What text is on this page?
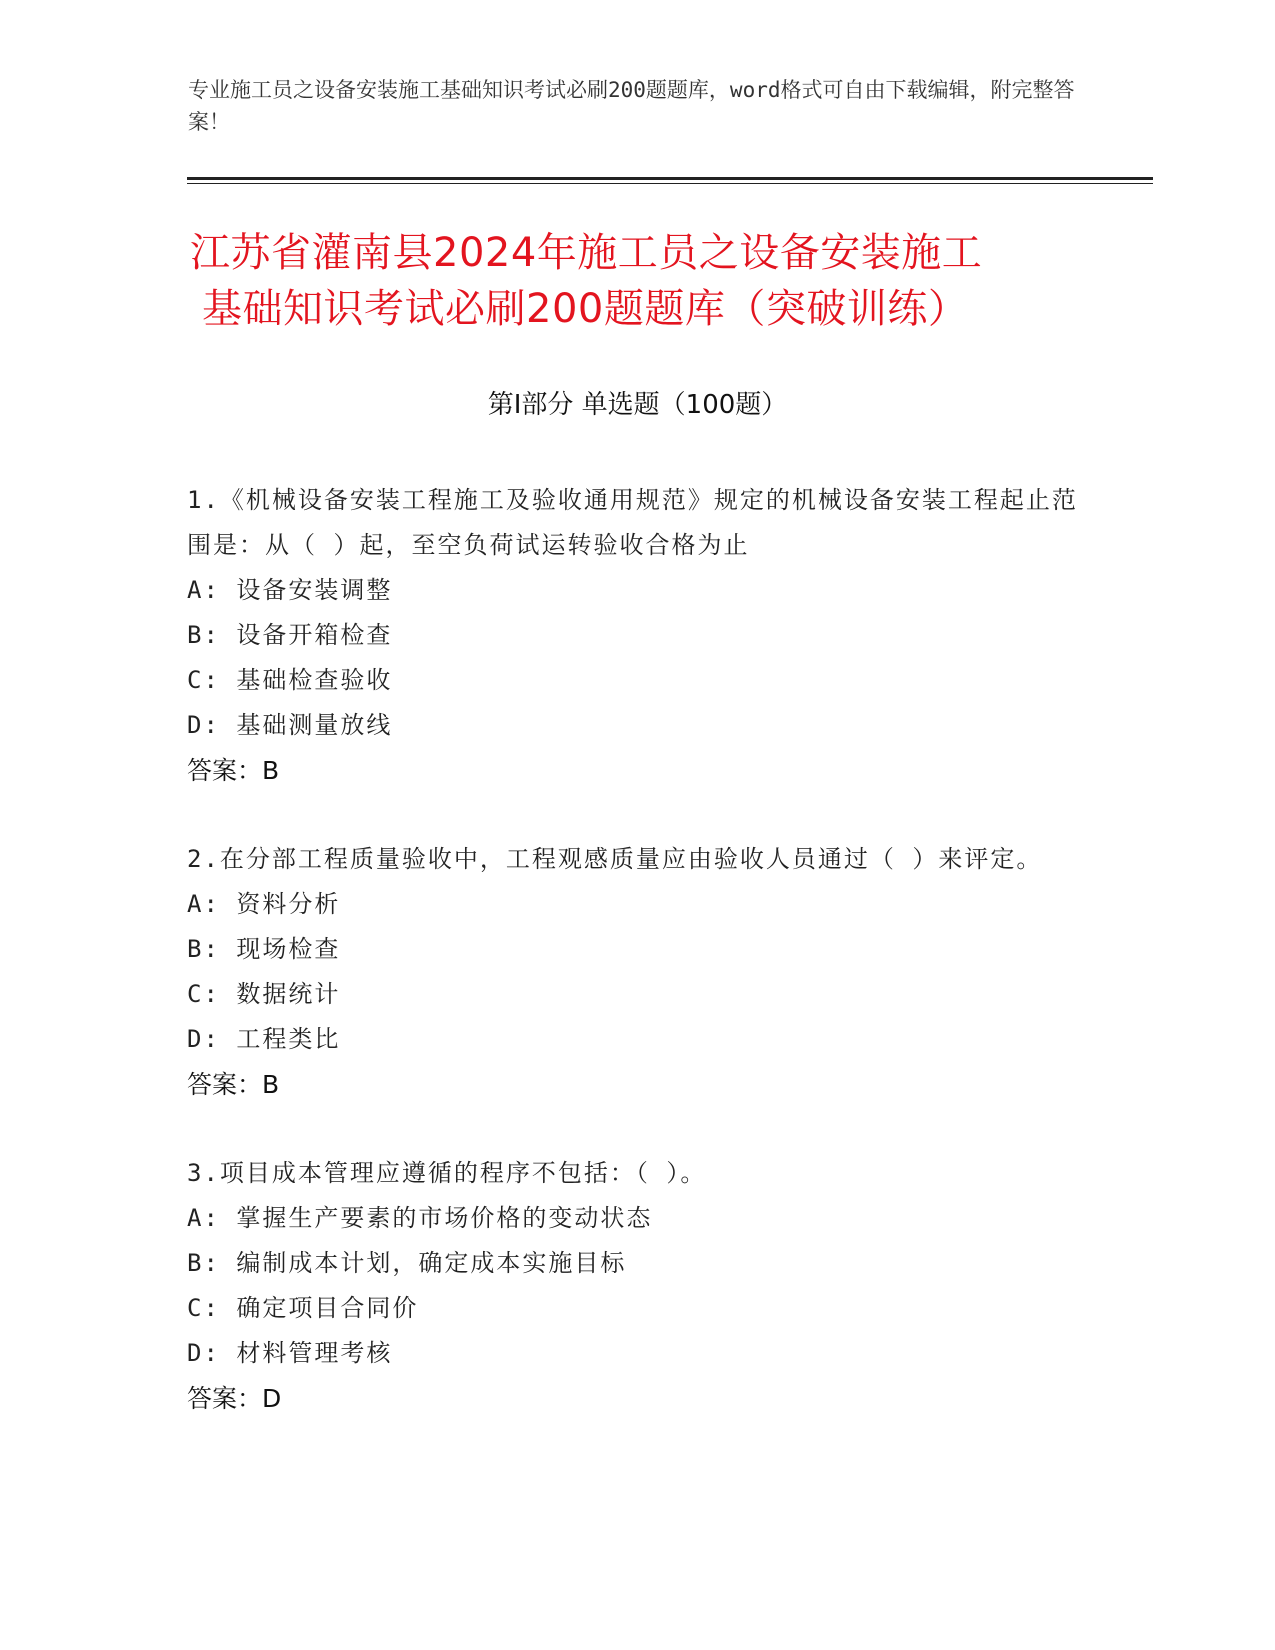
专业施工员之设备安装施工基础知识考试必刷200题题库，word格式可自由下载编辑，附完整答案！
江苏省灌南县2024年施工员之设备安装施工
基础知识考试必刷200题题库（突破训练）
第Ⅰ部分 单选题（100题）
1.《机械设备安装工程施工及验收通用规范》规定的机械设备安装工程起止范围是：从（ ）起，至空负荷试运转验收合格为止
A: 设备安装调整
B: 设备开箱检查
C: 基础检查验收
D: 基础测量放线
答案：B
2.在分部工程质量验收中，工程观感质量应由验收人员通过（ ）来评定。
A: 资料分析
B: 现场检查
C: 数据统计
D: 工程类比
答案：B
3.项目成本管理应遵循的程序不包括：（ ）。
A: 掌握生产要素的市场价格的变动状态
B: 编制成本计划，确定成本实施目标
C: 确定项目合同价
D: 材料管理考核
答案：D
